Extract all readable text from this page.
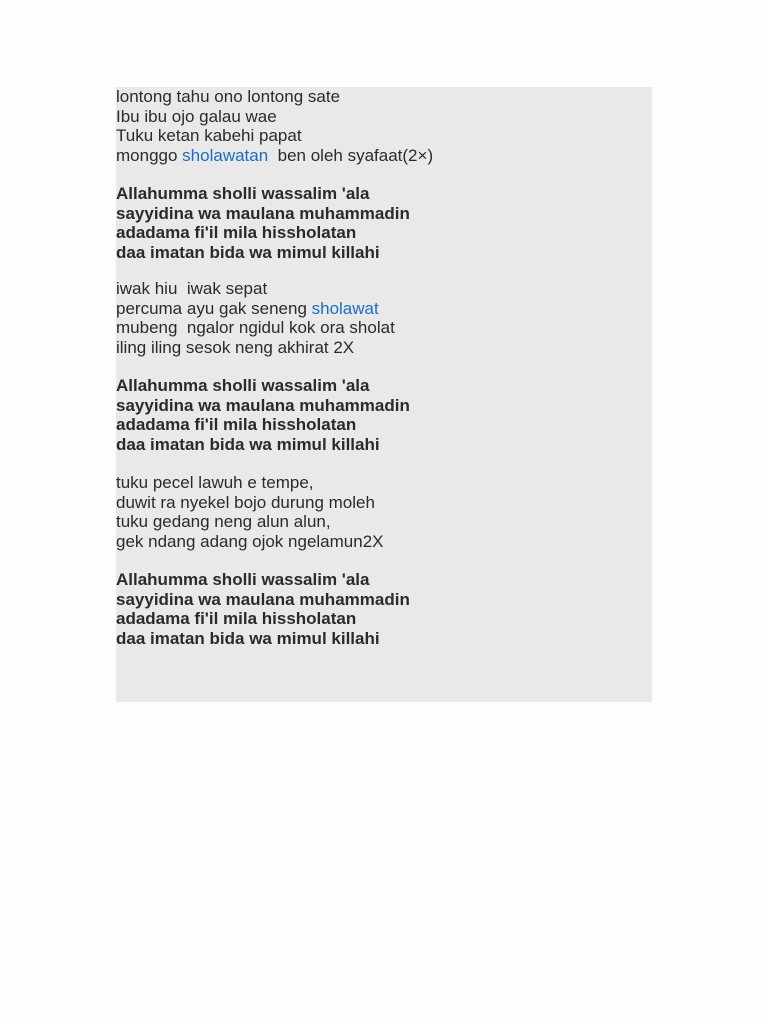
lontong tahu ono lontong sate
Ibu ibu ojo galau wae
Tuku ketan kabehi papat
monggo sholawatan  ben oleh syafaat(2×)
Allahumma sholli wassalim 'ala
sayyidina wa maulana muhammadin
adadama fi'il mila hissholatan
daa imatan bida wa mimul killahi
iwak hiu  iwak sepat
percuma ayu gak seneng sholawat
mubeng  ngalor ngidul kok ora sholat
iling iling sesok neng akhirat 2X
Allahumma sholli wassalim 'ala
sayyidina wa maulana muhammadin
adadama fi'il mila hissholatan
daa imatan bida wa mimul killahi
tuku pecel lawuh e tempe,
duwit ra nyekel bojo durung moleh
tuku gedang neng alun alun,
gek ndang adang ojok ngelamun2X
Allahumma sholli wassalim 'ala
sayyidina wa maulana muhammadin
adadama fi'il mila hissholatan
daa imatan bida wa mimul killahi
